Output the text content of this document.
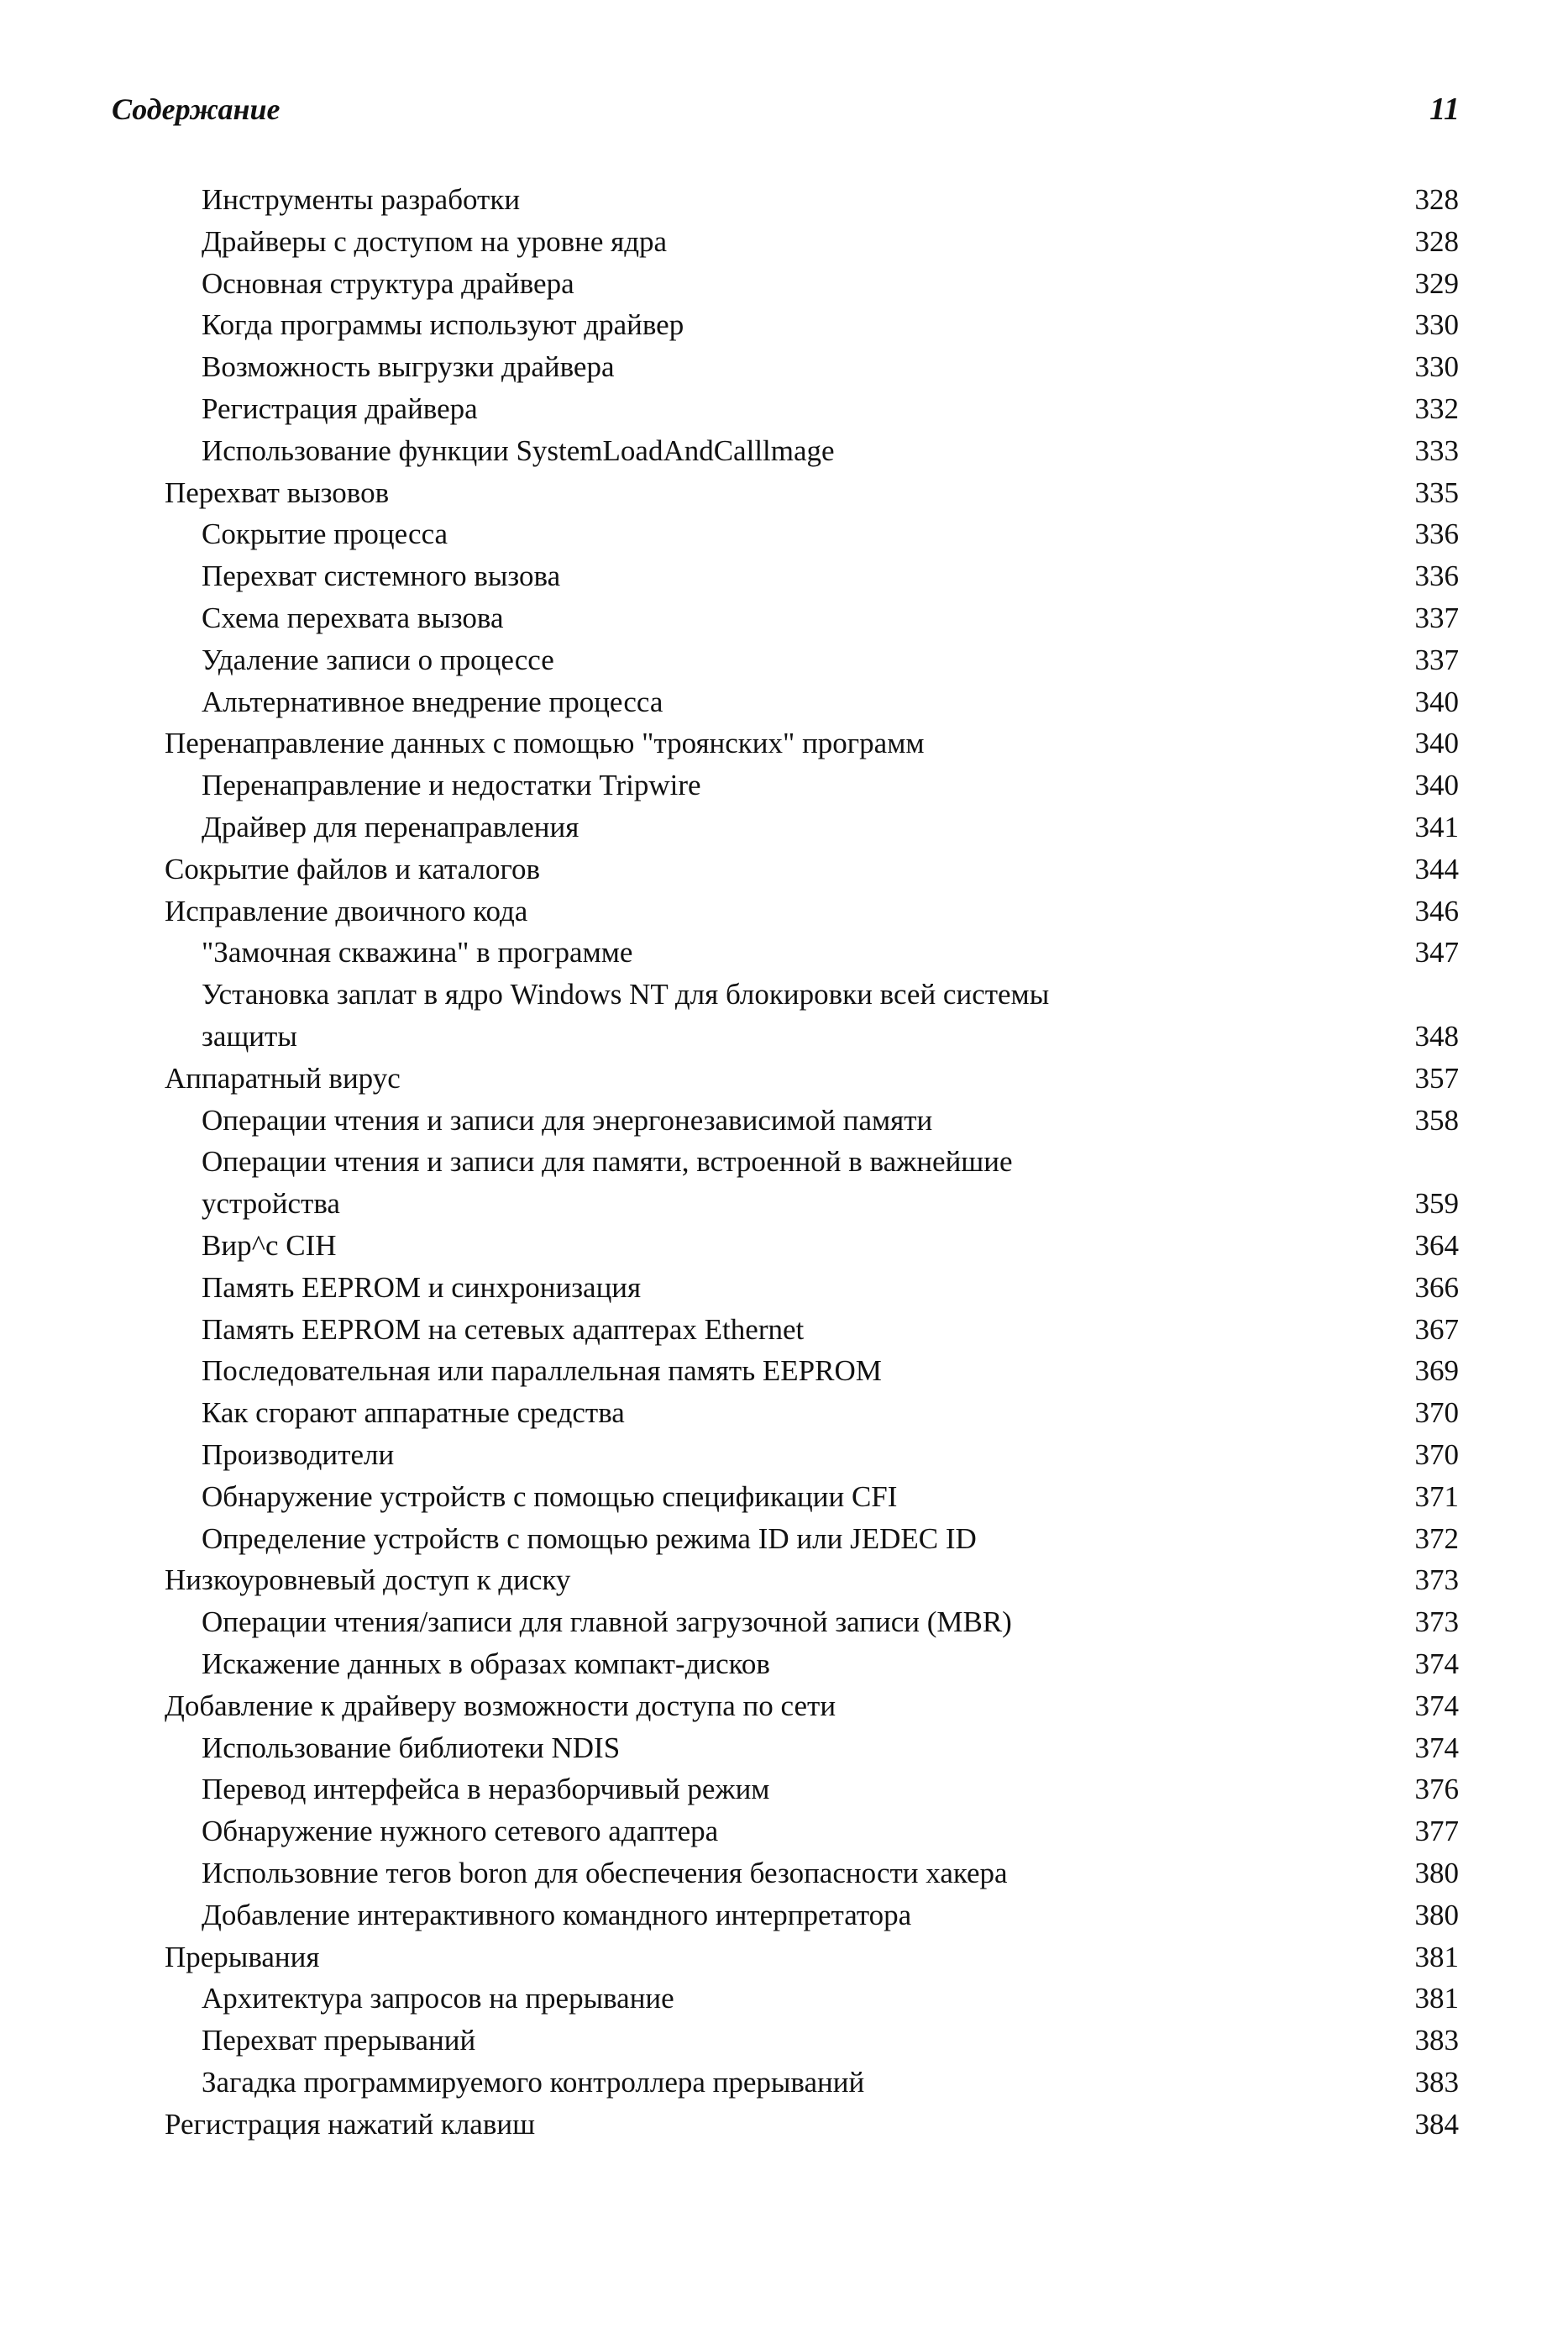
Содержание	11
Инструменты разработки	328
Драйверы с доступом на уровне ядра	328
Основная структура драйвера	329
Когда программы используют драйвер	330
Возможность выгрузки драйвера	330
Регистрация драйвера	332
Использование функции SystemLoadAndCalllmage	333
Перехват вызовов	335
Сокрытие процесса	336
Перехват системного вызова	336
Схема перехвата вызова	337
Удаление записи о процессе	337
Альтернативное внедрение процесса	340
Перенаправление данных с помощью "троянских" программ	340
Перенаправление и недостатки Tripwire	340
Драйвер для перенаправления	341
Сокрытие файлов и каталогов	344
Исправление двоичного кода	346
"Замочная скважина" в программе	347
Установка заплат в ядро Windows NT для блокировки всей системы
защиты	348
Аппаратный вирус	357
Операции чтения и записи для энергонезависимой памяти	358
Операции чтения и записи для памяти, встроенной в важнейшие
устройства	359
Вир^с CIH	364
Память EEPROM и синхронизация	366
Память EEPROM на сетевых адаптерах Ethernet	367
Последовательная или параллельная память EEPROM	369
Как сгорают аппаратные средства	370
Производители	370
Обнаружение устройств с помощью спецификации CFI	371
Определение устройств с помощью режима ID или JEDEC ID	372
Низкоуровневый доступ к диску	373
Операции чтения/записи для главной загрузочной записи (MBR)	373
Искажение данных в образах компакт-дисков	374
Добавление к драйверу возможности доступа по сети	374
Использование библиотеки NDIS	374
Перевод интерфейса в неразборчивый режим	376
Обнаружение нужного сетевого адаптера	377
Использовние тегов boron для обеспечения безопасности хакера	380
Добавление интерактивного командного интерпретатора	380
Прерывания	381
Архитектура запросов на прерывание	381
Перехват прерываний	383
Загадка программируемого контроллера прерываний	383
Регистрация нажатий клавиш	384
